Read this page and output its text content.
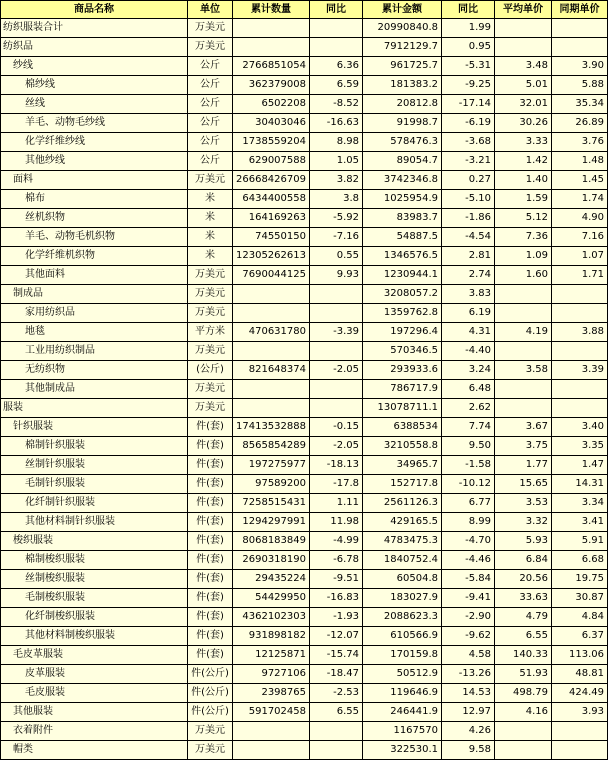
商品名称	单位	累计数量	同比	累计金额	同比	平均单价	同期单价
纺织服装合计	万美元			20990840.8	1.99		
纺织品	万美元			7912129.7	0.95		
纱线	公斤	2766851054	6.36	961725.7	-5.31	3.48	3.90
棉纱线	公斤	362379008	6.59	181383.2	-9.25	5.01	5.88
丝线	公斤	6502208	-8.52	20812.8	-17.14	32.01	35.34
羊毛、动物毛纱线	公斤	30403046	-16.63	91998.7	-6.19	30.26	26.89
化学纤维纱线	公斤	1738559204	8.98	578476.3	-3.68	3.33	3.76
其他纱线	公斤	629007588	1.05	89054.7	-3.21	1.42	1.48
面料	万美元	26668426709	3.82	3742346.8	0.27	1.40	1.45
棉布	米	6434400558	3.8	1025954.9	-5.10	1.59	1.74
丝机织物	米	164169263	-5.92	83983.7	-1.86	5.12	4.90
羊毛、动物毛机织物	米	74550150	-7.16	54887.5	-4.54	7.36	7.16
化学纤维机织物	米	12305262613	0.55	1346576.5	2.81	1.09	1.07
其他面料	万美元	7690044125	9.93	1230944.1	2.74	1.60	1.71
制成品	万美元			3208057.2	3.83		
家用纺织品	万美元			1359762.8	6.19		
地毯	平方米	470631780	-3.39	197296.4	4.31	4.19	3.88
工业用纺织制品	万美元			570346.5	-4.40		
无纺织物	(公斤)	821648374	-2.05	293933.6	3.24	3.58	3.39
其他制成品	万美元			786717.9	6.48		
服装	万美元			13078711.1	2.62		
针织服装	件(套)	17413532888	-0.15	6388534	7.74	3.67	3.40
棉制针织服装	件(套)	8565854289	-2.05	3210558.8	9.50	3.75	3.35
丝制针织服装	件(套)	197275977	-18.13	34965.7	-1.58	1.77	1.47
毛制针织服装	件(套)	97589200	-17.8	152717.8	-10.12	15.65	14.31
化纤制针织服装	件(套)	7258515431	1.11	2561126.3	6.77	3.53	3.34
其他材料制针织服装	件(套)	1294297991	11.98	429165.5	8.99	3.32	3.41
梭织服装	件(套)	8068183849	-4.99	4783475.3	-4.70	5.93	5.91
棉制梭织服装	件(套)	2690318190	-6.78	1840752.4	-4.46	6.84	6.68
丝制梭织服装	件(套)	29435224	-9.51	60504.8	-5.84	20.56	19.75
毛制梭织服装	件(套)	54429950	-16.83	183027.9	-9.41	33.63	30.87
化纤制梭织服装	件(套)	4362102303	-1.93	2088623.3	-2.90	4.79	4.84
其他材料制梭织服装	件(套)	931898182	-12.07	610566.9	-9.62	6.55	6.37
毛皮革服装	件(套)	12125871	-15.74	170159.8	4.58	140.33	113.06
皮革服装	件(公斤)	9727106	-18.47	50512.9	-13.26	51.93	48.81
毛皮服装	件(公斤)	2398765	-2.53	119646.9	14.53	498.79	424.49
其他服装	件(公斤)	591702458	6.55	246441.9	12.97	4.16	3.93
衣着附件	万美元			1167570	4.26		
帽类	万美元			322530.1	9.58		
